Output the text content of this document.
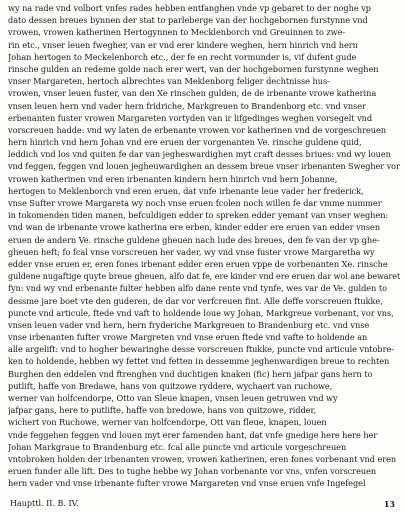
wy na rade vnd volbort vnfes rades hebben entfanghen vnde vp gebaret to der noghe vp
dato dessen breues bynnen der stat to parleberge van der hochgebornen furstynne vnd
vrowen, vrowen katherinen Hertogynnen to Mecklenborch vnd Greuinnen to zwe-
rin etc., vnser leuen fwegher, van er vnd erer kindere weghen, hern hinrich vnd hern
Johan hertogen to Meckelenborch etc., der fe en recht vormunder is, vif dufent gude
rinsche gulden an redeme golde nach erer wert, van der hochgebornen furstynne weghen
vnser Margareten, hertoch albrechtes van Meklenborg feliger dechtnisse hus-
vrowen, vnser leuen fuster, van den Xe rinschen gulden, de de irbenante vrowe katherina
vnsen leuen hern vnd vader hern fridriche, Markgreuen to Brandenborg etc. vnd vnser
erbenanten fuster vrowen Margareten vortyden van ir lifgedinges weghen vorsegelt vnd
vorscreuen hadde: vnd wy laten de erbenante vrowen vor katherinen vnd de vorgeschreuen
hern hinrich vnd hern Johan vnd ere eruen der vorgenanten Ve. rinsche guldene quid,
leddich vnd los vnd quiten fe dar van jegheswardighen myt craft desses briues: vnd wy louen
vnd feggen, feggen vnd louen jegheuwardighen an dessem breue vnser irbenanten Swegher vor
vrowen katherinen vnd eren irbenanten kindern hern hinrich vnd hern Johanne,
hertogen to Meklenborch vnd eren eruen, dat vnfe irbenante leue vader her frederick,
vnse Sufter vrowe Margareta wy noch vnse eruen fcolen noch willen fe dar vmme nummer
in tokomenden tiden manen, befculdigen edder to spreken edder yemant van vnser weghen:
vnd wan de irbenante vrowe katherina ere erben, kinder edder ere eruen van edder vnsen
eruen de andern Ve. rinsche guldene gheuen nach lude des breues, den fe van der vp ghe-
gheuen heft; fo fcal vnse vorscreuen her vader, wy vnd vnse fuster vrowe Margaretha wy
edder vnse eruen er, eren fones irbenant edder eren eruen vppe de vorbenanten Xe. rinsche
guldene nugaftige quyte breue gheuen, alfo dat fe, ere kinder vnd ere eruen dar wol ane bewaret
fyn: vnd wy vnd erbenante fulter hebben alfo dane rente vnd tynfe, wes var de Ve. gulden to
dessme jare boet vte den guderen, de dar vor verfcreuen fint. Alle deffe vorscreuen ftukke,
puncte vnd articule, ftede vnd vaft to holdende loue wy Johan, Markgreue vorbenant, vor vns,
vnsen leuen vader vnd hern, hern fryderiche Markgreuen to Brandenburg etc. vnd vnse
vnse irbenanten fufter vrowe Margreten vnd vnse eruen ftede vnd vafte to holdende an
alle argelift: vnd to hogher bewaringhe desse vorscreuen ftukke, puncte vnd articule vntobre-
ken to holdende, hebben wy fettet vnd fetten in dessemme jeghenwardigen breue to rechten
Burghen den eddelen vnd ftrenghen vnd duchtigen knaken (fic) hern jafpar gans hern to
putlift, haffe von Bredawe, hans von quitzowe ryddere, wychaert van ruchowe,
werner van holfcendorpe, Otto van Sleue knapen, vnsen leuen getruwen vnd wy
jafpar gans, here to putlifte, haffe von bredowe, hans von quitzowe, ridder,
wichert von Ruchowe, werner van holfcendorpe, Ott van fleue, knapen, louen
vnde feggehen feggen vnd louen myt erer famenden hant, dat vnfe gnedige here here her
Johan Markgraue to Brandenburg etc. fcal alle puncte vnd articule vorgeschreuen
vntobroken holden der irbenanten vrowen, vrowen katherinen, eren fones vorbenant vnd eren
eruen funder alle lift. Des to tughe hebbe wy Johan vorbenante vor vns, vnfen vorscreuen
hern vader vnd vnse irbenante fufter vrowe Margareten vnd vnse eruen vnfe Ingefegel
Haupttl. II. B. IV.	13
